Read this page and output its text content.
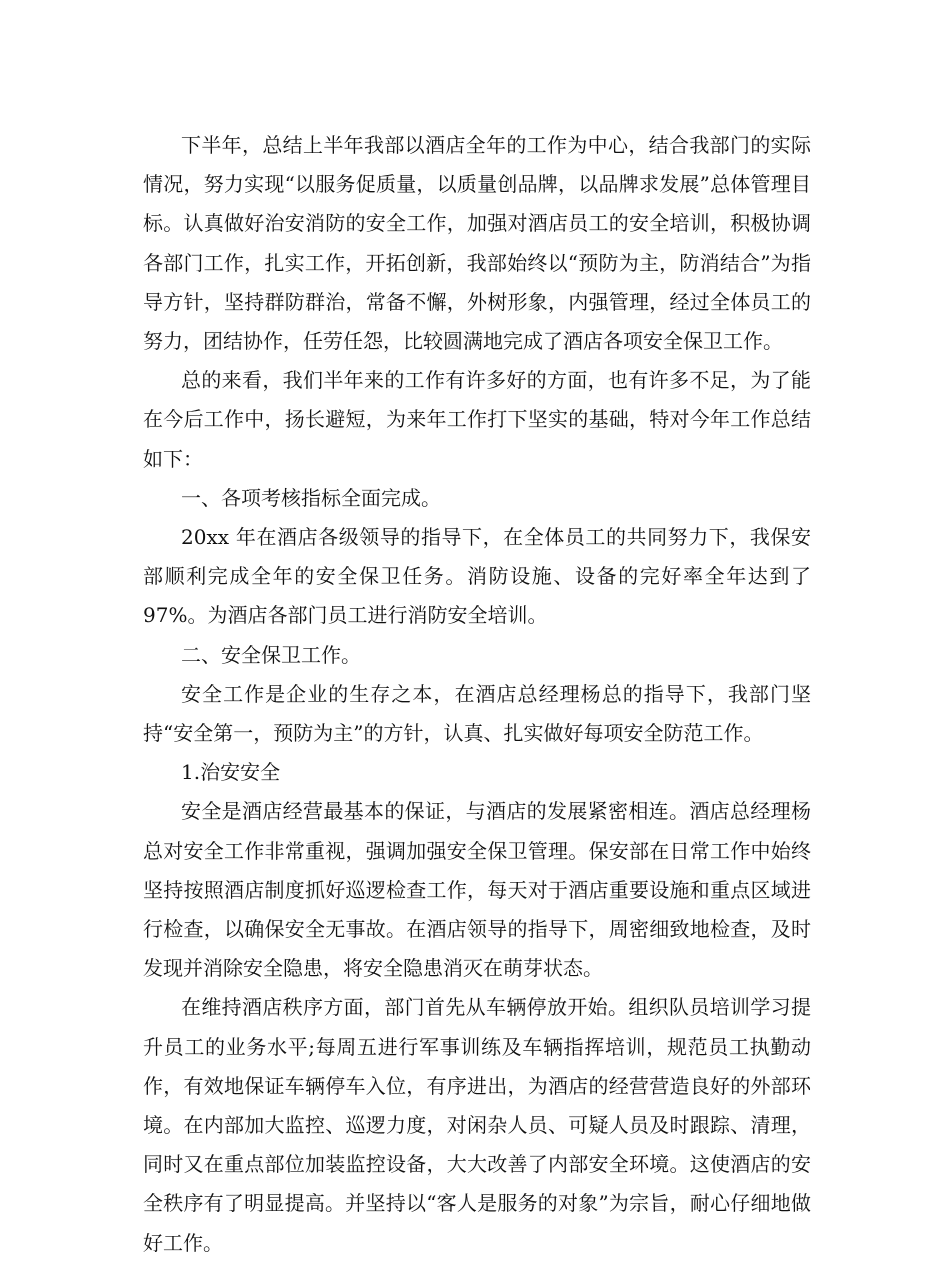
下半年，总结上半年我部以酒店全年的工作为中心，结合我部门的实际情况，努力实现“以服务促质量，以质量创品牌，以品牌求发展”总体管理目标。认真做好治安消防的安全工作，加强对酒店员工的安全培训，积极协调各部门工作，扎实工作，开拓创新，我部始终以“预防为主，防消结合”为指导方针，坚持群防群治，常备不懈，外树形象，内强管理，经过全体员工的努力，团结协作，任劳任怨，比较圆满地完成了酒店各项安全保卫工作。

总的来看，我们半年来的工作有许多好的方面，也有许多不足，为了能在今后工作中，扬长避短，为来年工作打下坚实的基础，特对今年工作总结如下：

一、各项考核指标全面完成。

20xx 年在酒店各级领导的指导下，在全体员工的共同努力下，我保安部顺利完成全年的安全保卫任务。消防设施、设备的完好率全年达到了 97%。为酒店各部门员工进行消防安全培训。

二、安全保卫工作。

安全工作是企业的生存之本，在酒店总经理杨总的指导下，我部门坚持“安全第一，预防为主”的方针，认真、扎实做好每项安全防范工作。

1.治安安全

安全是酒店经营最基本的保证，与酒店的发展紧密相连。酒店总经理杨总对安全工作非常重视，强调加强安全保卫管理。保安部在日常工作中始终坚持按照酒店制度抓好巡逻检查工作，每天对于酒店重要设施和重点区域进行检查，以确保安全无事故。在酒店领导的指导下，周密细致地检查，及时发现并消除安全隐患，将安全隐患消灭在萌芽状态。

在维持酒店秩序方面，部门首先从车辆停放开始。组织队员培训学习提升员工的业务水平;每周五进行军事训练及车辆指挥培训，规范员工执勤动作，有效地保证车辆停车入位，有序进出，为酒店的经营营造良好的外部环境。在内部加大监控、巡逻力度，对闲杂人员、可疑人员及时跟踪、清理，同时又在重点部位加装监控设备，大大改善了内部安全环境。这使酒店的安全秩序有了明显提高。并坚持以“客人是服务的对象”为宗旨，耐心仔细地做好工作。
